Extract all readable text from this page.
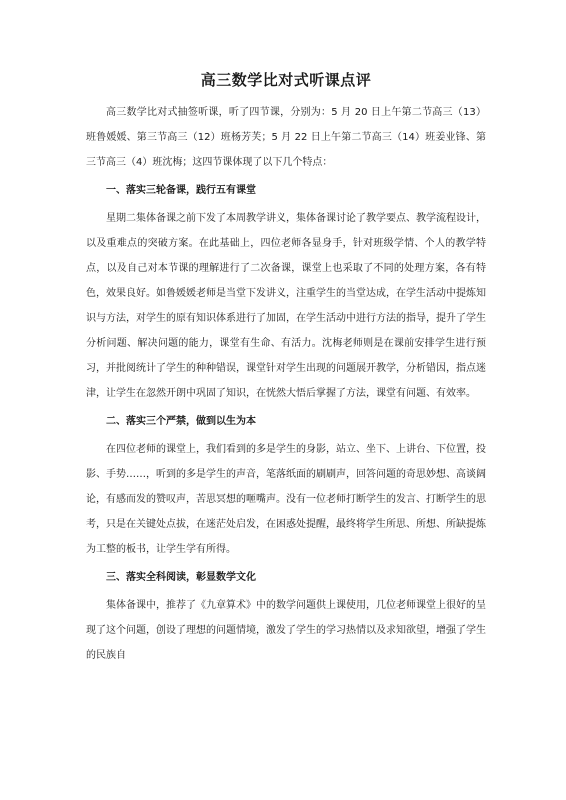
高三数学比对式听课点评

高三数学比对式抽签听课，听了四节课，分别为：5 月 20 日上午第二节高三（13）班鲁媛媛、第三节高三（12）班杨芳芙；5 月 22 日上午第二节高三（14）班姜业锋、第三节高三（4）班沈梅；这四节课体现了以下几个特点：

一、落实三轮备课，践行五有课堂

星期二集体备课之前下发了本周教学讲义，集体备课讨论了教学要点、教学流程设计，以及重难点的突破方案。在此基础上，四位老师各显身手，针对班级学情、个人的教学特点，以及自己对本节课的理解进行了二次备课，课堂上也采取了不同的处理方案，各有特色，效果良好。如鲁媛媛老师是当堂下发讲义，注重学生的当堂达成，在学生活动中提炼知识与方法，对学生的原有知识体系进行了加固，在学生活动中进行方法的指导，提升了学生分析问题、解决问题的能力，课堂有生命、有活力。沈梅老师则是在课前安排学生进行预习，并批阅统计了学生的种种错误，课堂针对学生出现的问题展开教学，分析错因，指点迷津，让学生在忽然开朗中巩固了知识，在恍然大悟后掌握了方法，课堂有问题、有效率。

二、落实三个严禁，做到以生为本

在四位老师的课堂上，我们看到的多是学生的身影，站立、坐下、上讲台、下位置，投影、手势……，听到的多是学生的声音，笔落纸面的刷刷声，回答问题的奇思妙想、高谈阔论，有感而发的赞叹声，苦思冥想的咂嘴声。没有一位老师打断学生的发言、打断学生的思考，只是在关键处点拔，在迷茫处启发，在困惑处提醒，最终将学生所思、所想、所缺提炼为工整的板书，让学生学有所得。

三、落实全科阅读，彰显数学文化

集体备课中，推荐了《九章算术》中的数学问题供上课使用，几位老师课堂上很好的呈现了这个问题，创设了理想的问题情境，激发了学生的学习热情以及求知欲望，增强了学生的民族自
